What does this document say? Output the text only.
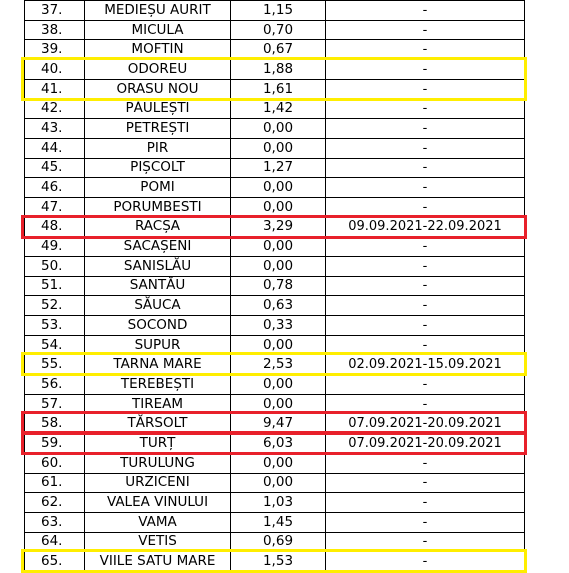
37.	MEDIEȘU AURIT	1,15	-
38.	MICULA	0,70	-
39.	MOFTIN	0,67	-
40.	ODOREU	1,88	-
41.	ORASU NOU	1,61	-
42.	PĂULEȘTI	1,42	-
43.	PETREȘTI	0,00	-
44.	PIR	0,00	-
45.	PIȘCOLT	1,27	-
46.	POMI	0,00	-
47.	PORUMBESTI	0,00	-
48.	RACȘA	3,29	09.09.2021-22.09.2021
49.	SACAȘENI	0,00	-
50.	SANISLĂU	0,00	-
51.	SANTĂU	0,78	-
52.	SĂUCA	0,63	-
53.	SOCOND	0,33	-
54.	SUPUR	0,00	-
55.	TARNA MARE	2,53	02.09.2021-15.09.2021
56.	TEREBEȘTI	0,00	-
57.	TIREAM	0,00	-
58.	TĂRSOLT	9,47	07.09.2021-20.09.2021
59.	TURȚ	6,03	07.09.2021-20.09.2021
60.	TURULUNG	0,00	-
61.	URZICENI	0,00	-
62.	VALEA VINULUI	1,03	-
63.	VAMA	1,45	-
64.	VETIS	0,69	-
65.	VIILE SATU MARE	1,53	-
